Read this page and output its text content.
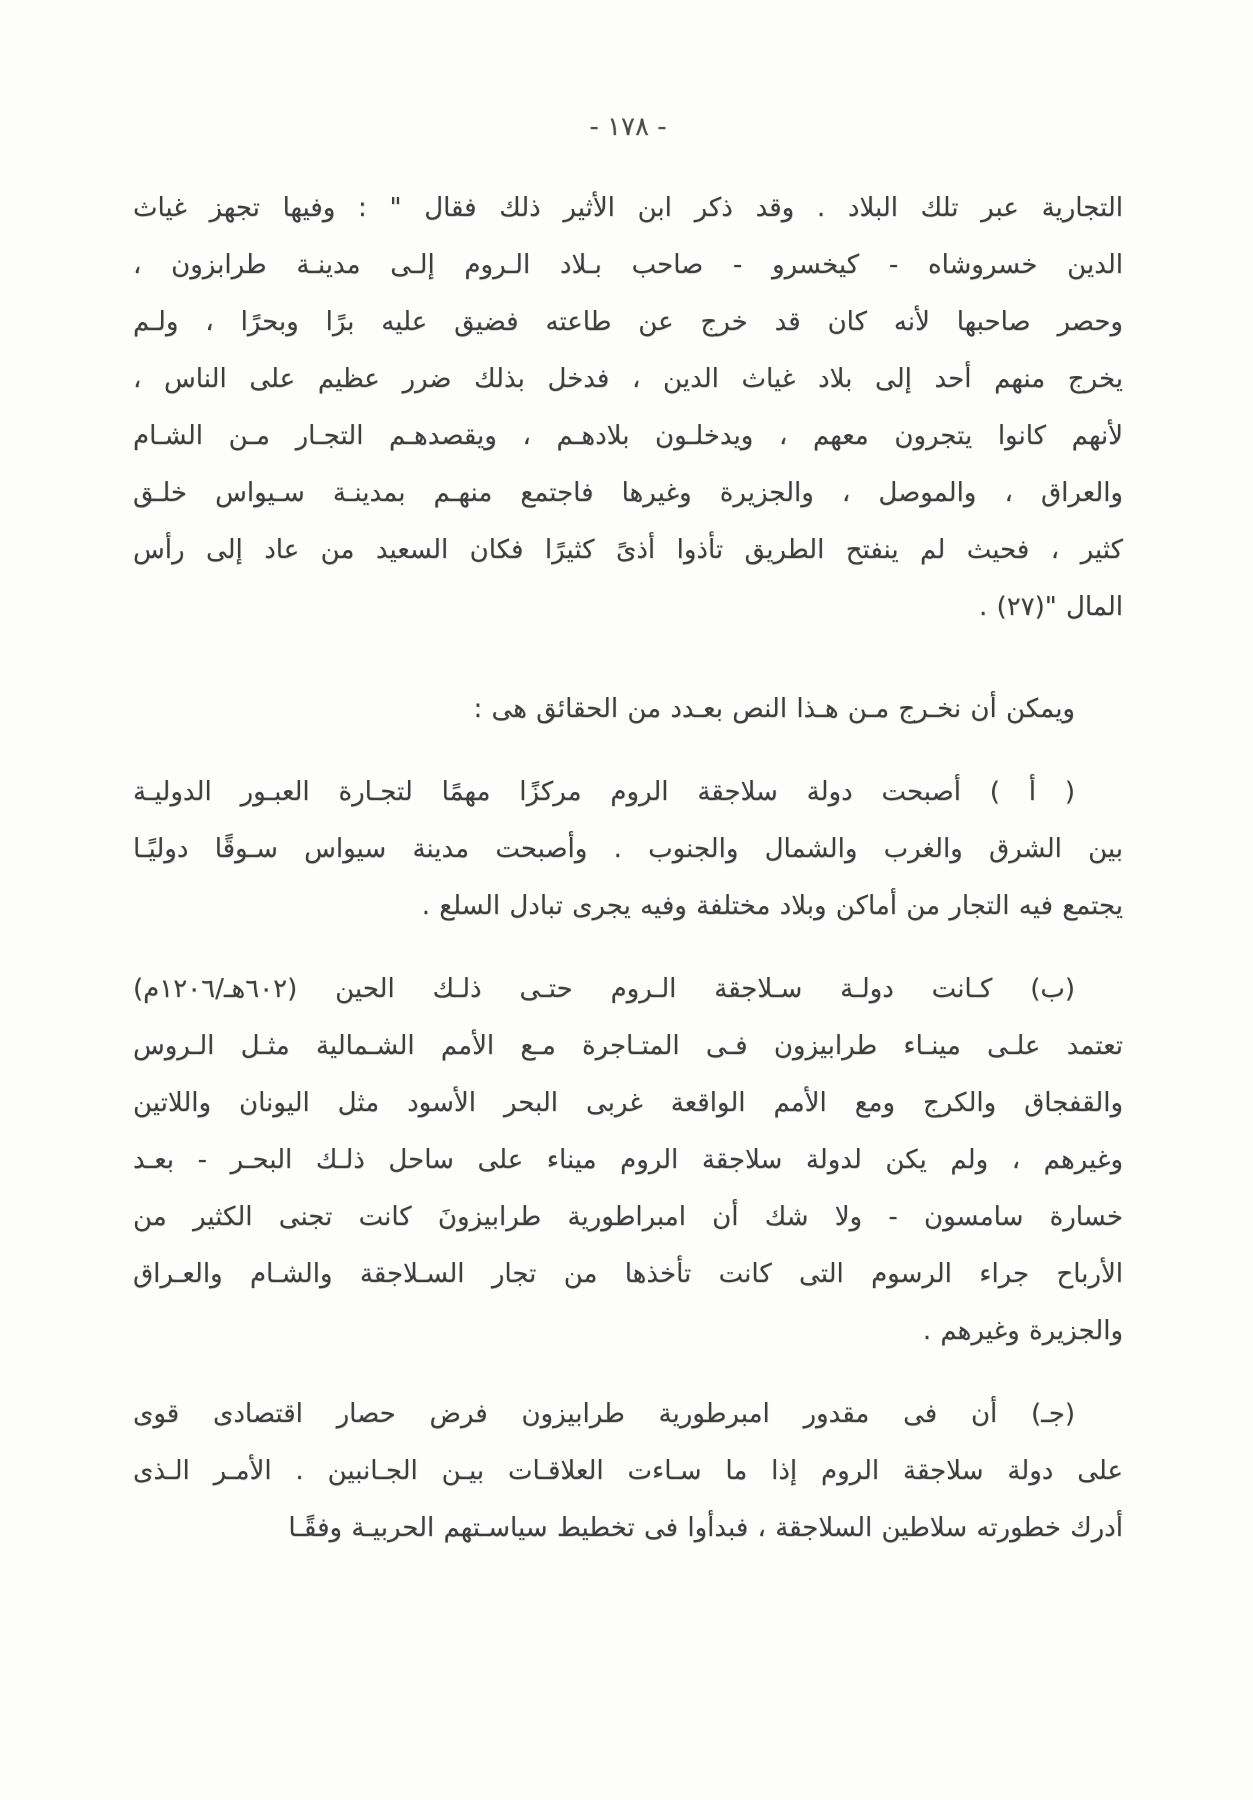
- ١٧٨ -
التجارية عبر تلك البلاد . وقد ذكر ابن الأثير ذلك فقال " : وفيها تجهز غياث
الدين خسروشاه - كيخسرو - صاحب بـلاد الـروم إلـى مدينـة طرابزون ،
وحصر صاحبها لأنه كان قد خرج عن طاعته فضيق عليه برًا وبحرًا ، ولـم
يخرج منهم أحد إلى بلاد غياث الدين ، فدخل بذلك ضرر عظيم على الناس ،
لأنهم كانوا يتجرون معهم ، ويدخلـون بلادهـم ، ويقصدهـم التجـار مـن الشـام
والعراق ، والموصل ، والجزيرة وغيرها فاجتمع منهـم بمدينـة سـيواس خلـق
كثير ، فحيث لم ينفتح الطريق تأذوا أذىً كثيرًا فكان السعيد من عاد إلى رأس
المال "(٢٧) .
ويمكن أن نخـرج مـن هـذا النص بعـدد من الحقائق هى :
( أ ) أصبحت دولة سلاجقة الروم مركزًا مهمًا لتجـارة العبـور الدوليـة
بين الشرق والغرب والشمال والجنوب . وأصبحت مدينة سيواس سـوقًا دوليًـا
يجتمع فيه التجار من أماكن وبلاد مختلفة وفيه يجرى تبادل السلع .
(ب) كـانت دولـة سـلاجقة الـروم حتـى ذلـك الحين (٦٠٢هـ/١٢٠٦م)
تعتمد علـى مينـاء طرابيزون فـى المتـاجرة مـع الأمم الشـمالية مثـل الـروس
والقفجاق والكرج ومع الأمم الواقعة غربى البحر الأسود مثل اليونان واللاتين
وغيرهم ، ولم يكن لدولة سلاجقة الروم ميناء على ساحل ذلـك البحـر - بعـد
خسارة سامسون - ولا شك أن امبراطورية طرابيزونَ كانت تجنى الكثير من
الأرباح جراء الرسوم التى كانت تأخذها من تجار السـلاجقة والشـام والعـراق
والجزيرة وغيرهم .
(جـ) أن فى مقدور امبرطورية طرابيزون فرض حصار اقتصادى قوى
على دولة سلاجقة الروم إذا ما سـاءت العلاقـات بيـن الجـانبين . الأمـر الـذى
أدرك خطورته سلاطين السلاجقة ، فبدأوا فى تخطيط سياسـتهم الحربيـة وفقًـا
